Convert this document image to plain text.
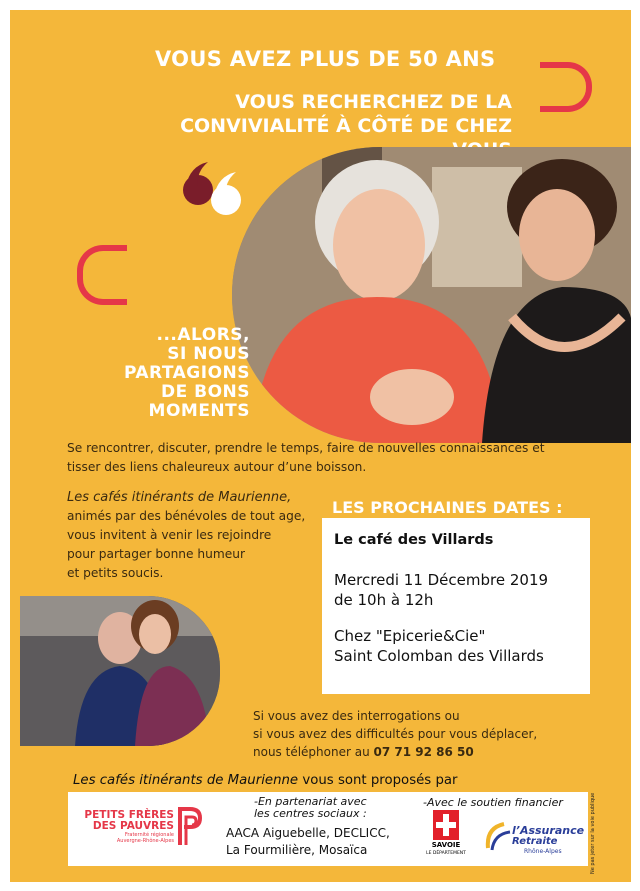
VOUS AVEZ PLUS DE 50 ANS
VOUS RECHERCHEZ DE LA
CONVIVIALITÉ À CÔTÉ DE CHEZ
...ALORS,
SI NOUS
PARTAGIONS
DE BONS
MOMENTS
Se rencontrer, discuter, prendre le temps, faire de nouvelles connaissances et tisser des liens chaleureux autour d’une boisson.
Les cafés itinérants de Maurienne,
animés par des bénévoles de tout age,
vous invitent à venir les rejoindre
pour partager bonne humeur
et petits soucis.
LES PROCHAINES DATES :
Le café des Villards
Mercredi 11 Décembre 2019
de 10h à 12h
Chez "Epicerie&Cie"
Saint Colomban des Villards
Si vous avez des interrogations ou
si vous avez des difficultés pour vous déplacer,
nous téléphoner au 07 71 92 86 50
Les cafés itinérants de Maurienne vous sont proposés par
PETITS FRÈRES
DES PAUVRES
Fraternité régionale
Auvergne-Rhône-Alpes
-En partenariat avec
les centres sociaux :
AACA Aiguebelle, DECLICC,
La Fourmilière, Mosaïca
-Avec le soutien financier
SAVOIE
LE DÉPARTEMENT
l’Assurance
Retraite
Rhône-Alpes	Ne pas jeter sur la voie publique
